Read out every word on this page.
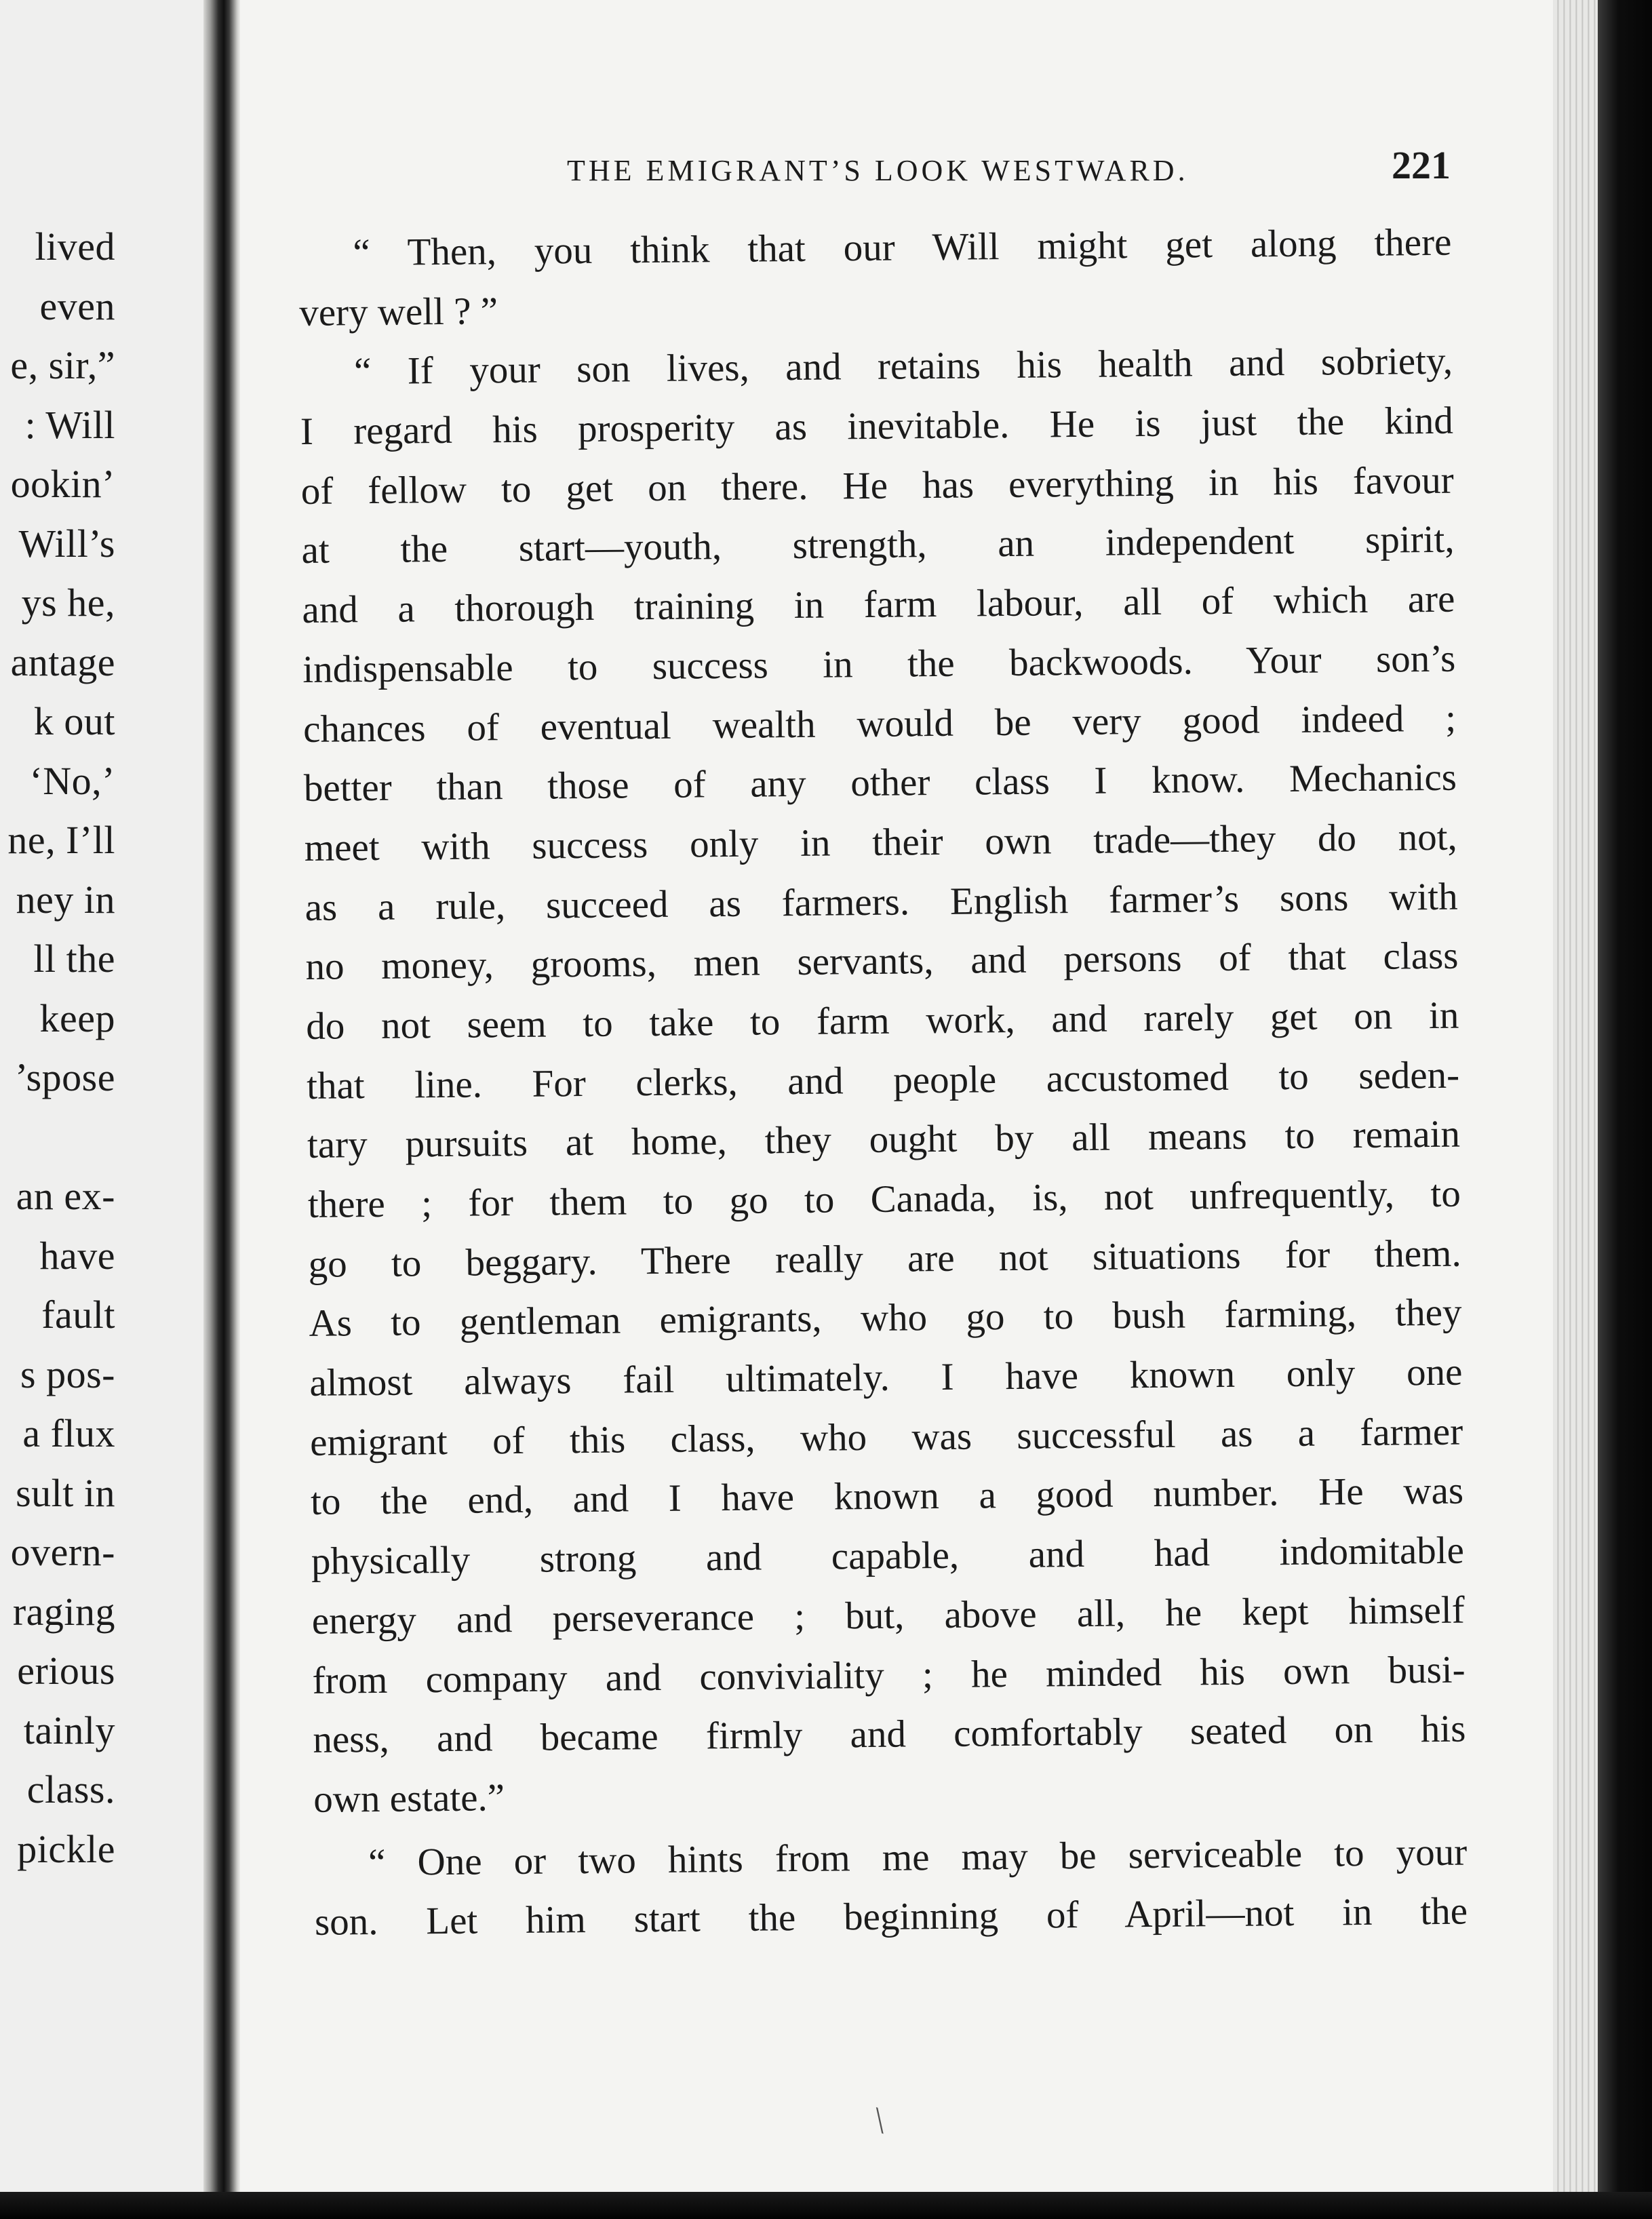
lived
even
e, sir,”
: Will
ookin’
Will’s
ys he,
antage
k out
‘No,’
ne, I’ll
ney in
ll the
keep
’spose
an ex-
have
fault
s pos-
a flux
sult in
overn-
raging
erious
tainly
class.
pickle
THE EMIGRANT’S LOOK WESTWARD.	221
“ Then, you think that our Will might get along there
very well ? ”
“ If your son lives, and retains his health and sobriety,
I regard his prosperity as inevitable. He is just the kind
of fellow to get on there. He has everything in his favour
at the start—youth, strength, an independent spirit,
and a thorough training in farm labour, all of which are
indispensable to success in the backwoods. Your son’s
chances of eventual wealth would be very good indeed ;
better than those of any other class I know. Mechanics
meet with success only in their own trade—they do not,
as a rule, succeed as farmers. English farmer’s sons with
no money, grooms, men servants, and persons of that class
do not seem to take to farm work, and rarely get on in
that line. For clerks, and people accustomed to seden-
tary pursuits at home, they ought by all means to remain
there ; for them to go to Canada, is, not unfrequently, to
go to beggary. There really are not situations for them.
As to gentleman emigrants, who go to bush farming, they
almost always fail ultimately. I have known only one
emigrant of this class, who was successful as a farmer
to the end, and I have known a good number. He was
physically strong and capable, and had indomitable
energy and perseverance ; but, above all, he kept himself
from company and conviviality ; he minded his own busi-
ness, and became firmly and comfortably seated on his
own estate.”
“ One or two hints from me may be serviceable to your
son. Let him start the beginning of April—not in the
╲
